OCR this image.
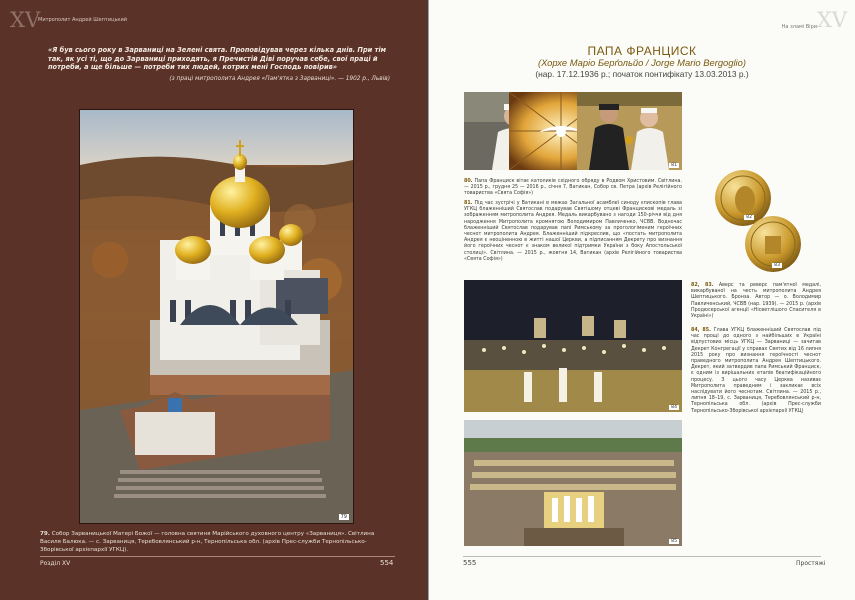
XV
Митрополит Андрей Шептицький
«Я був сього року в Зарваниці на Зелені свята. Проповідував через кілька днів. При тім так, як усі ті, що до Зарваниці приходять, я Пречистій Діві поручав себе, свої праці й потреби, а ще більше — потреби тих людей, котрих мені Господь повірив»
(з праці митрополита Андрея «Пам'ятка з Зарваниці». — 1902 р., Львів)
79
79. Собор Зарваницької Матері Божої — головна святиня Марійського духовного центру «Зарваниця». Світлина Василя Балюка. — с. Зарваниця, Теребовлянський р-н, Тернопільська обл. (архів Прес-служби Тернопільсько-Зборівської архієпархії УГКЦ).
Розділ XV	554
На зламі Віри XV
ПАПА ФРАНЦИСК
(Хорхе Маріо Берґольйо / Jorge Mario Bergoglio)
(нар. 17.12.1936 р.; початок понтифікату 13.03.2013 р.)
81
82
83
80. Папа Франциск вітає католиків східного обряду в Родвом Христовим. Світлина. — 2015 р., грудня 25 — 2016 р., січня 7, Ватикан, Собор св. Петра (архів Релігійного товариства «Свята Софія»)
81. Під час зустрічі у Ватикані в межах Загальної асамблеї синоду єпископів глава УГКЦ блаженніший Святослав подарував Святішому отцеві Францискові медаль зі зображенням митрополита Андрея. Медаль викарбувано з нагоди 150-річчя від дня народження Митрополита кромнятою Володимиром Павличенко, ЧСВВ. Водночас блаженніший Святослав подарував папі Римському за прогологіменим героїчних чеснот митрополита Андрея. Блаженніший підкреслив, що «постать митрополита Андрея є неоціненною в житті нашої Церкви, а підписанням Декрету про визнання його героїчних чеснот є знаком великої підтримки України з боку Апостольської столиці». Світлина. — 2015 р., жовтня 14, Ватикан (архів Релігійного товариства «Свята Софія»)
84
85
82, 83. Аверс та реверс пам'ятної медалі, викарбуваної на честь митрополита Андрея Шептицького. Бронза. Автор — о. Володимир Павличенський, ЧСВВ (нар. 1939). — 2015 р. (архів Продюсерської агенції «Нісветлішого Спасителя в Україні»)
84, 85. Глава УГКЦ блаженніший Святослав під час прощі до одного з найбільших в Україні відпустових місць УГКЦ — Зарваниці — зачитав Декрет Конгрегації у справах Святих від 16 липня 2015 року про визнання героїчності чеснот праведного митрополита Андрея Шептицького. Декрет, який затвердив папа Римський Франциск, є одним із вирішальних етапів беатифікаційного процесу. З цього часу Церква називає Митрополита праведним і закликає всіх наслідувати його чеснотам. Світлина. — 2015 р., липня 18–19, с. Зарваниця, Теребовлянський р-н, Тернопільська обл. (архів Прес-служби Тернопільсько-Зборівської архієпархії УГКЦ)
555	Простяжі
